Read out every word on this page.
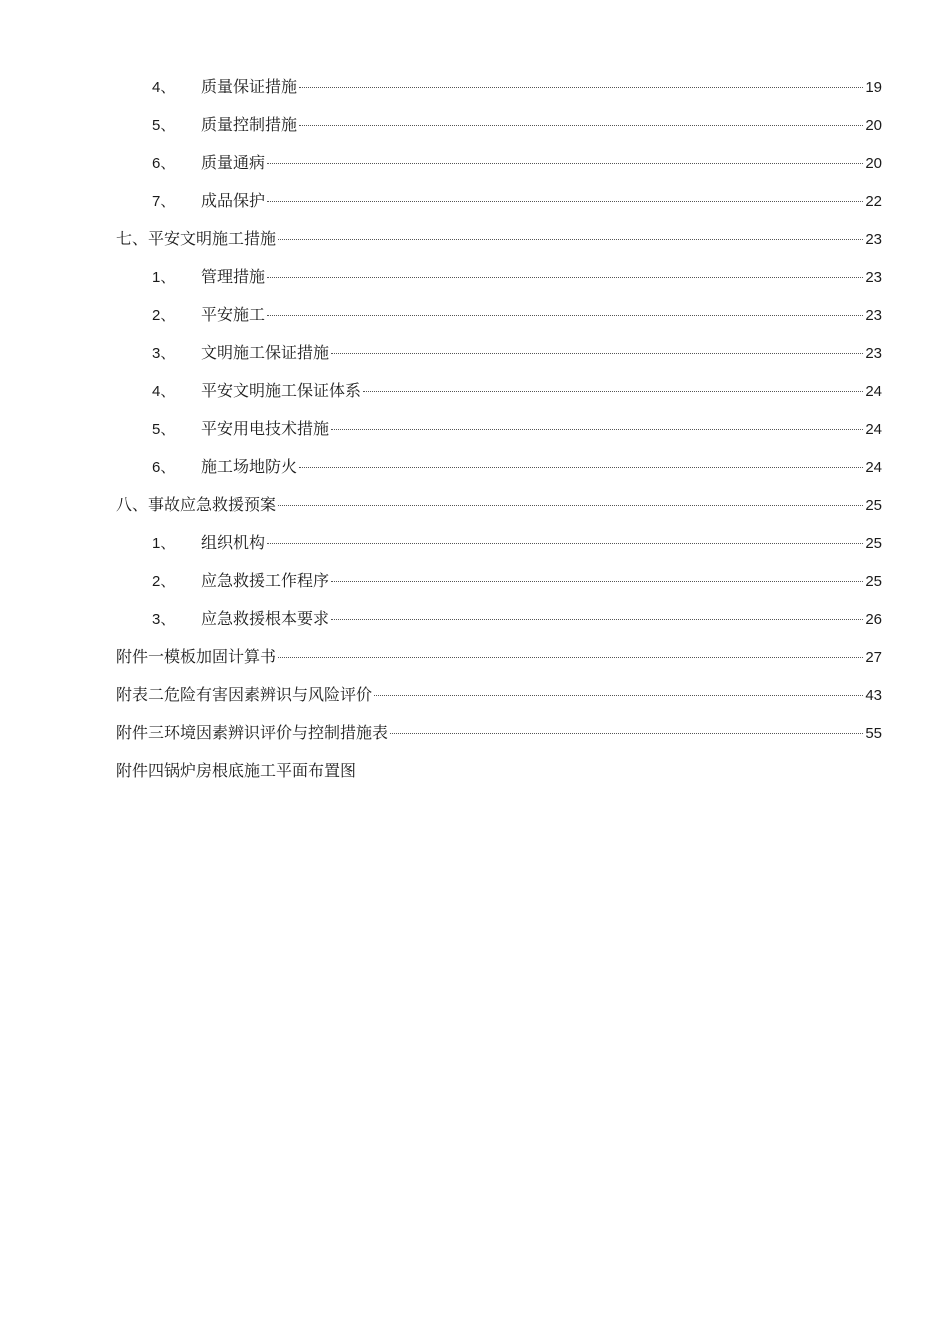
4、	质量保证措施	19
5、	质量控制措施	20
6、	质量通病	20
7、	成品保护	22
七、平安文明施工措施	23
1、	管理措施	23
2、	平安施工	23
3、	文明施工保证措施	23
4、	平安文明施工保证体系	24
5、	平安用电技术措施	24
6、	施工场地防火	24
八、事故应急救援预案	25
1、	组织机构	25
2、	应急救援工作程序	25
3、	应急救援根本要求	26
附件一模板加固计算书	27
附表二危险有害因素辨识与风险评价	43
附件三环境因素辨识评价与控制措施表	55
附件四锅炉房根底施工平面布置图
